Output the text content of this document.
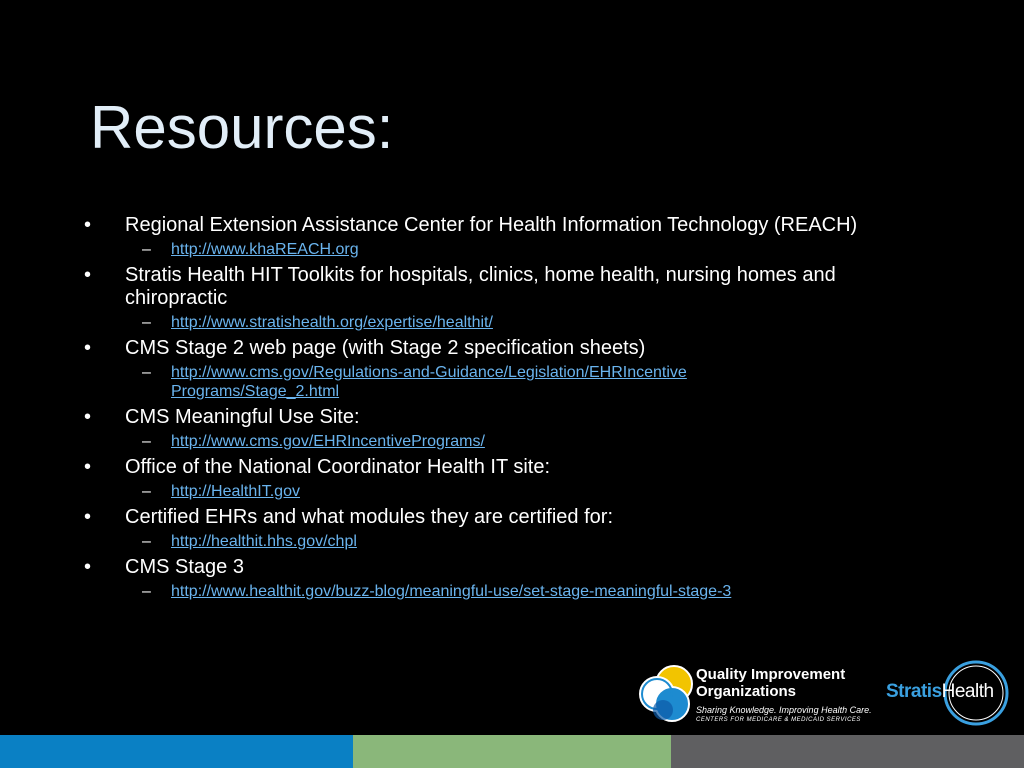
Resources:
•	Regional Extension Assistance Center for Health Information Technology (REACH)
– http://www.khaREACH.org
•	Stratis Health HIT Toolkits for hospitals, clinics, home health, nursing homes and chiropractic
– http://www.stratishealth.org/expertise/healthit/
•	CMS Stage 2 web page (with Stage 2 specification sheets)
– http://www.cms.gov/Regulations-and-Guidance/Legislation/EHRIncentivePrograms/Stage_2.html
•	CMS Meaningful Use Site:
– http://www.cms.gov/EHRIncentivePrograms/
•	Office of the National Coordinator Health IT site:
– http://HealthIT.gov
•	Certified EHRs and what modules they are certified for:
– http://healthit.hhs.gov/chpl
•	CMS Stage 3
– http://www.healthit.gov/buzz-blog/meaningful-use/set-stage-meaningful-stage-3
Quality Improvement
Organizations
Sharing Knowledge. Improving Health Care.
CENTERS FOR MEDICARE & MEDICAID SERVICES
StratisHealth
